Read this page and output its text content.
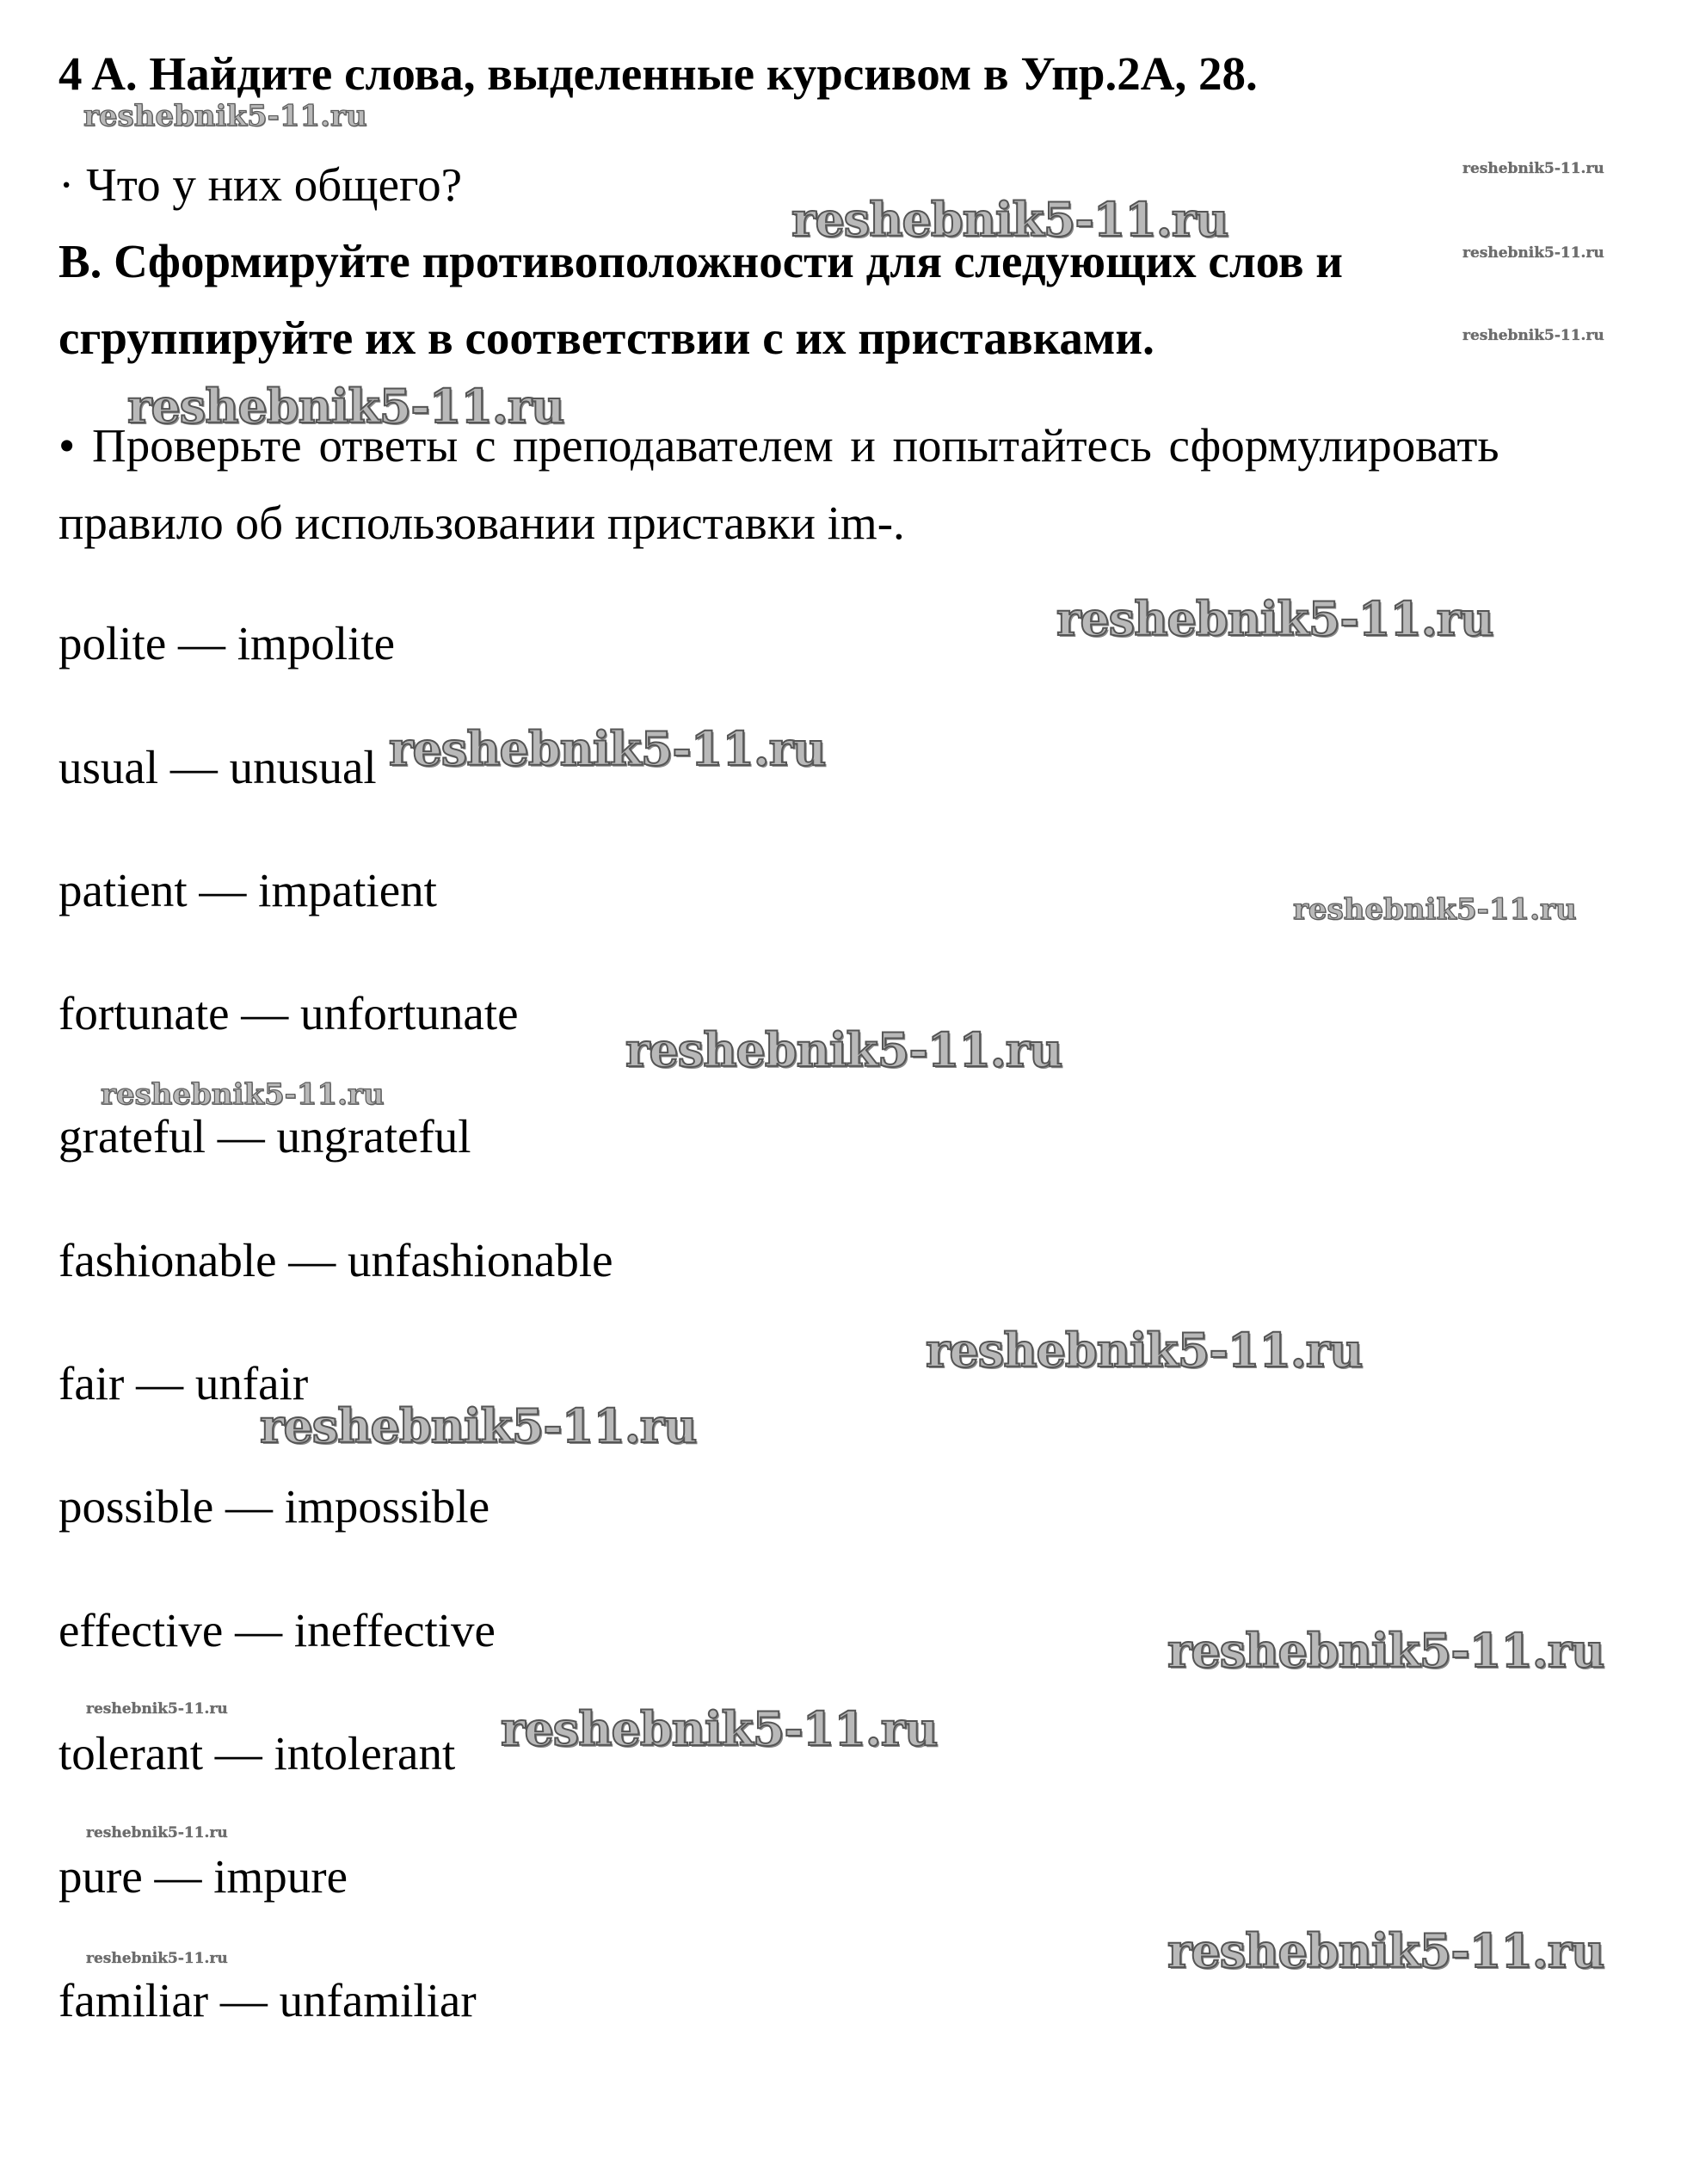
4 A. Найдите слова, выделенные курсивом в Упр.2А, 28.
· Что у них общего?
B. Сформируйте противоположности для следующих слов и
сгруппируйте их в соответствии с их приставками.
• Проверьте ответы с преподавателем и попытайтесь сформулировать
правило об использовании приставки im-.
polite — impolite
usual — unusual
patient — impatient
fortunate — unfortunate
grateful — ungrateful
fashionable — unfashionable
fair — unfair
possible — impossible
effective — ineffective
tolerant — intolerant
pure — impure
familiar — unfamiliar
reshebnik5-11.ru
reshebnik5-11.ru
reshebnik5-11.ru
reshebnik5-11.ru
reshebnik5-11.ru
reshebnik5-11.ru
reshebnik5-11.ru
reshebnik5-11.ru
reshebnik5-11.ru
reshebnik5-11.ru
reshebnik5-11.ru
reshebnik5-11.ru
reshebnik5-11.ru
reshebnik5-11.ru
reshebnik5-11.ru	reshebnik5-11.ru
reshebnik5-11.ru
reshebnik5-11.ru	reshebnik5-11.ru
